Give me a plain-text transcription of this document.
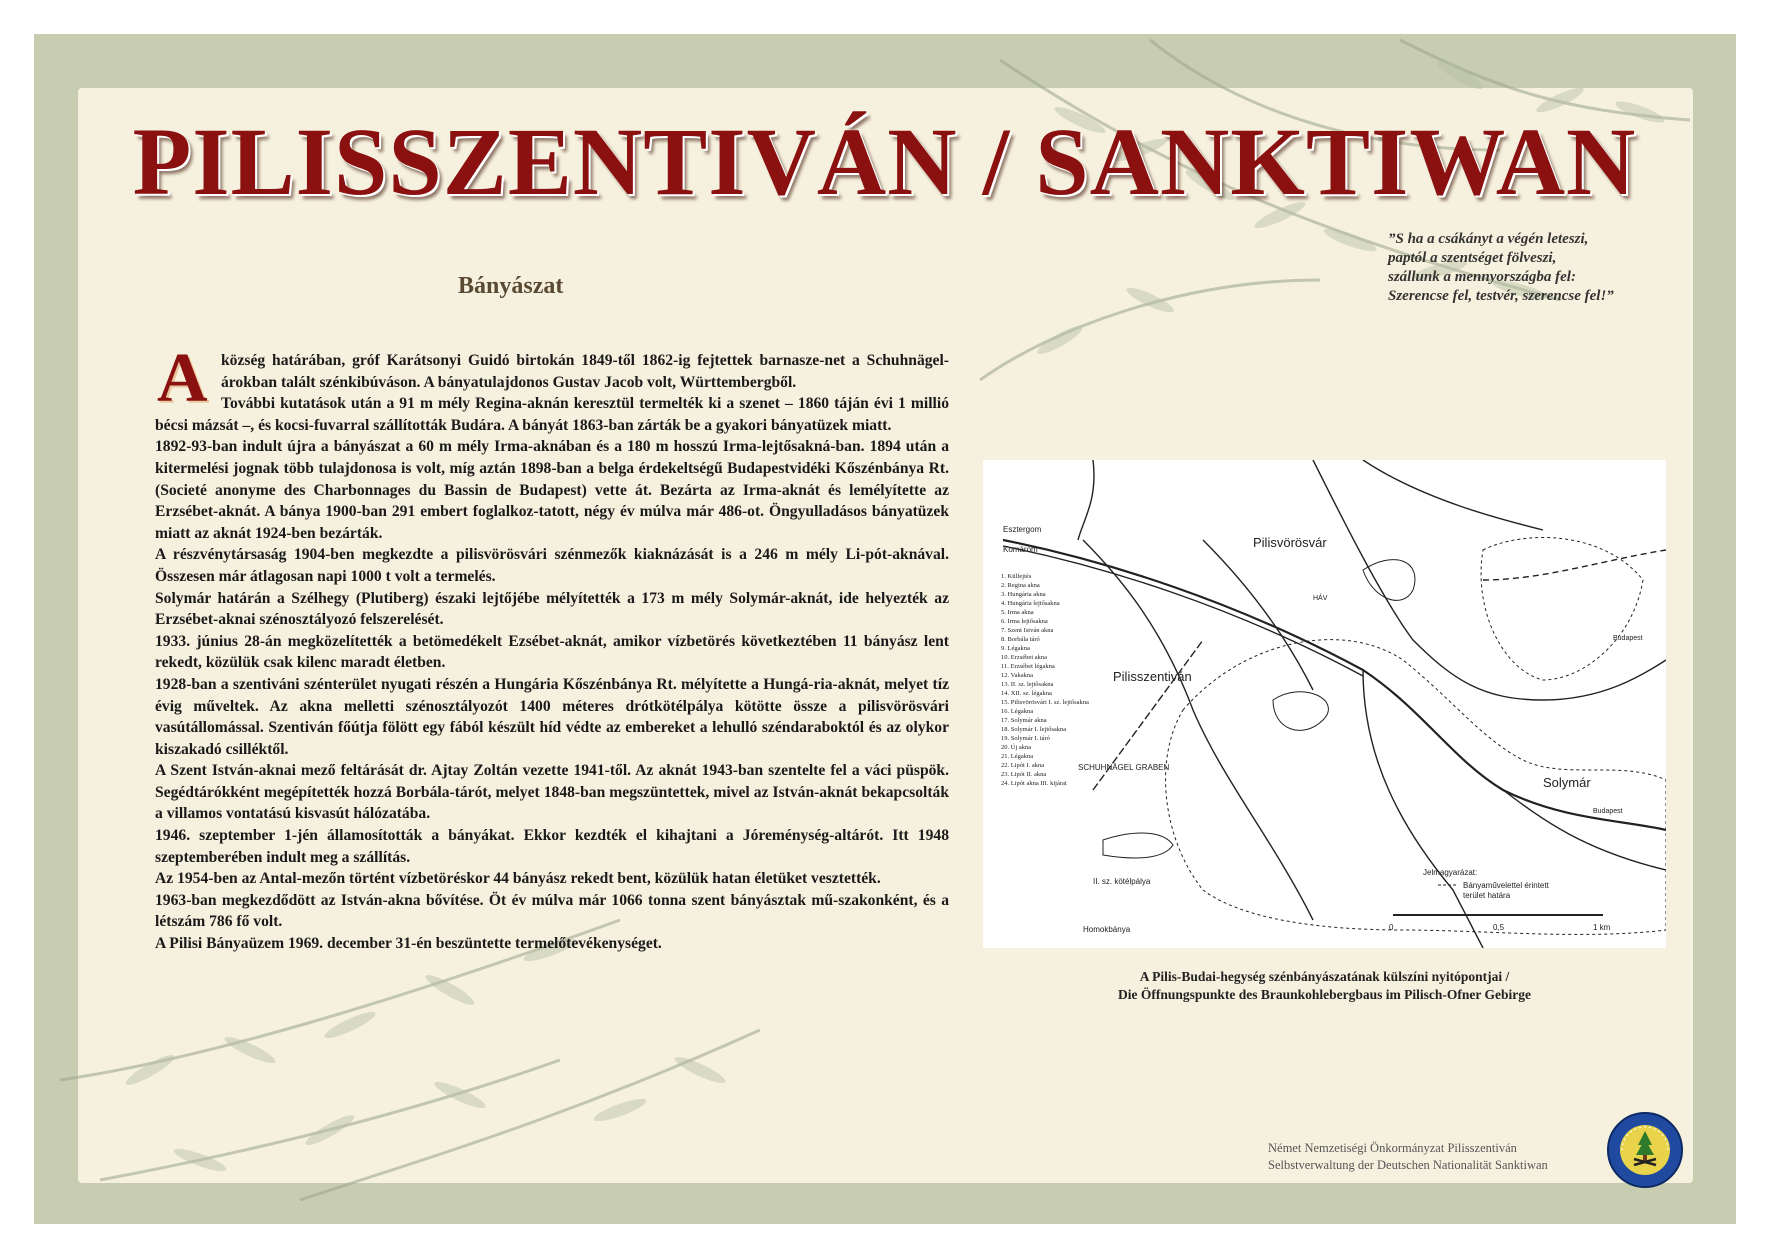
PILISSZENTIVÁN / SANKTIWAN
”S ha a csákányt a végén leteszi,
paptól a szentséget fölveszi,
szállunk a mennyországba fel:
Szerencse fel, testvér, szerencse fel!”
Bányászat

A község határában, gróf Karátsonyi Guidó birtokán 1849-től 1862-ig fejtettek barnasze-net a Schuhnägel-árokban talált szénkibúváson. A bányatulajdonos Gustav Jacob volt, Württembergből.

További kutatások után a 91 m mély Regina-aknán keresztül termelték ki a szenet – 1860 táján évi 1 millió bécsi mázsát –, és kocsi-fuvarral szállították Budára. A bányát 1863-ban zárták be a gyakori bányatüzek miatt.

1892-93-ban indult újra a bányászat a 60 m mély Irma-aknában és a 180 m hosszú Irma-lejtősakná-ban. 1894 után a kitermelési jognak több tulajdonosa is volt, míg aztán 1898-ban a belga érdekeltségű Budapestvidéki Kőszénbánya Rt. (Societé anonyme des Charbonnages du Bassin de Budapest) vette át. Bezárta az Irma-aknát és lemélyítette az Erzsébet-aknát. A bánya 1900-ban 291 embert foglalkoz-tatott, négy év múlva már 486-ot. Öngyulladásos bányatüzek miatt az aknát 1924-ben bezárták.

A részvénytársaság 1904-ben megkezdte a pilisvörösvári szénmezők kiaknázását is a 246 m mély Li-pót-aknával. Összesen már átlagosan napi 1000 t volt a termelés.

Solymár határán a Szélhegy (Plutiberg) északi lejtőjébe mélyítették a 173 m mély Solymár-aknát, ide helyezték az Erzsébet-aknai szénosztályozó felszerelését.

1933. június 28-án megközelítették a betömedékelt Ezsébet-aknát, amikor vízbetörés következtében 11 bányász lent rekedt, közülük csak kilenc maradt életben.

1928-ban a szentiváni szénterület nyugati részén a Hungária Kőszénbánya Rt. mélyítette a Hungá-ria-aknát, melyet tíz évig műveltek. Az akna melletti szénosztályozót 1400 méteres drótkötélpálya kötötte össze a pilisvörösvári vasútállomással. Szentiván főútja fölött egy fából készült híd védte az embereket a lehulló széndaraboktól és az olykor kiszakadó csilléktől.

A Szent István-aknai mező feltárását dr. Ajtay Zoltán vezette 1941-től. Az aknát 1943-ban szentelte fel a váci püspök. Segédtárókként megépítették hozzá Borbála-tárót, melyet 1848-ban megszüntettek, mivel az István-aknát bekapcsolták a villamos vontatású kisvasút hálózatába.

1946. szeptember 1-jén államosították a bányákat. Ekkor kezdték el kihajtani a Jóreménység-altárót. Itt 1948 szeptemberében indult meg a szállítás.

Az 1954-ben az Antal-mezőn történt vízbetöréskor 44 bányász rekedt bent, közülük hatan életüket vesztették.

1963-ban megkezdődött az István-akna bővítése. Öt év múlva már 1066 tonna szent bányásztak mű-szakonként, és a létszám 786 fő volt.

A Pilisi Bányaüzem 1969. december 31-én beszüntette termelőtevékenységet.

Pilisvörösvár
Pilisszentiván
Solymár
Homokbánya
II. sz. kötélpálya
SCHUHNÄGEL GRABEN
Budapest
Budapest
Esztergom
Komárom
HÁV
1. Külfejtés
2. Regina akna
3. Hungária akna
4. Hungária lejtősakna
5. Irma akna
6. Irma lejtősakna
7. Szent István akna
8. Borbála táró
9. Légakna
10. Erzsébet akna
11. Erzsébet légakna
12. Vakakna
13. II. sz. lejtősakna
14. XII. sz. légakna
15. Pilisvörösvári I. sz. lejtősakna
16. Légakna
17. Solymár akna
18. Solymár I. lejtősakna
19. Solymár I. táró
20. Új akna
21. Légakna
22. Lipót I. akna
23. Lipót II. akna
24. Lipót akna III. kijárat
Jelmagyarázat:
Bányaművelettel érintett
terület határa
0	0,5	1 km
A Pilis-Budai-hegység szénbányászatának külszíni nyitópontjai /
Die Öffnungspunkte des Braunkohlebergbaus im Pilisch-Ofner Gebirge
Német Nemzetiségi Önkormányzat Pilisszentiván
Selbstverwaltung der Deutschen Nationalität Sanktiwan
